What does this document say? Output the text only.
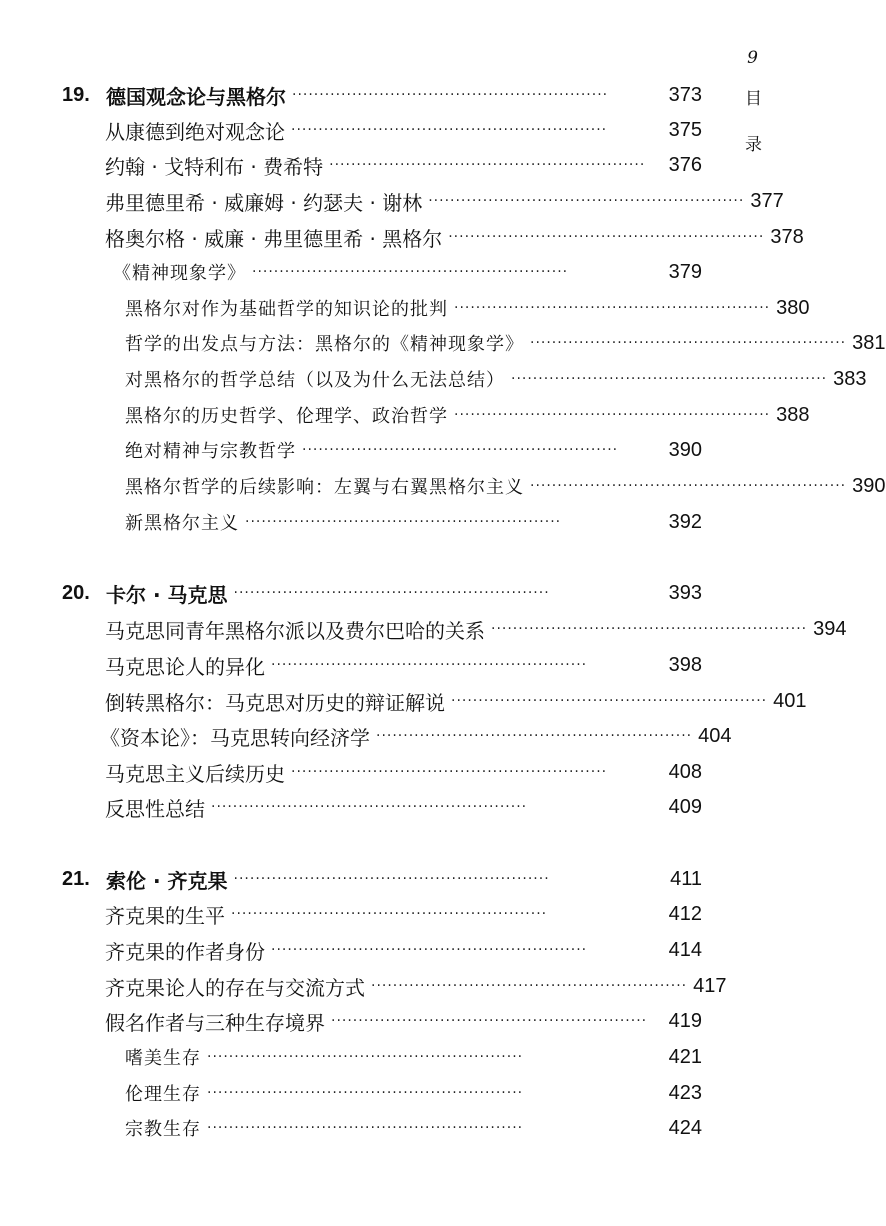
9
目
录
19. 德国观念论与黑格尔 ··························································	373
从康德到绝对观念论 ··························································	375
约翰 · 戈特利布 · 费希特 ··························································	376
弗里德里希 · 威廉姆 · 约瑟夫 · 谢林 ·························································· 377
格奥尔格 · 威廉 · 弗里德里希 · 黑格尔 ·························································· 378
《精神现象学》 ··························································	379
黑格尔对作为基础哲学的知识论的批判 ·························································· 380
哲学的出发点与方法：黑格尔的《精神现象学》 ·························································· 381
对黑格尔的哲学总结（以及为什么无法总结） ·························································· 383
黑格尔的历史哲学、伦理学、政治哲学 ·························································· 388
绝对精神与宗教哲学 ··························································	390
黑格尔哲学的后续影响：左翼与右翼黑格尔主义 ·························································· 390
新黑格尔主义 ··························································	392
20. 卡尔 · 马克思 ··························································	393
马克思同青年黑格尔派以及费尔巴哈的关系 ·························································· 394
马克思论人的异化 ··························································	398
倒转黑格尔：马克思对历史的辩证解说 ·························································· 401
《资本论》：马克思转向经济学 ·························································· 404
马克思主义后续历史 ··························································	408
反思性总结 ··························································	409
21. 索伦 · 齐克果 ··························································	411
齐克果的生平 ··························································	412
齐克果的作者身份 ··························································	414
齐克果论人的存在与交流方式 ·························································· 417
假名作者与三种生存境界 ··························································	419
嗜美生存 ··························································	421
伦理生存 ··························································	423
宗教生存 ··························································	424
